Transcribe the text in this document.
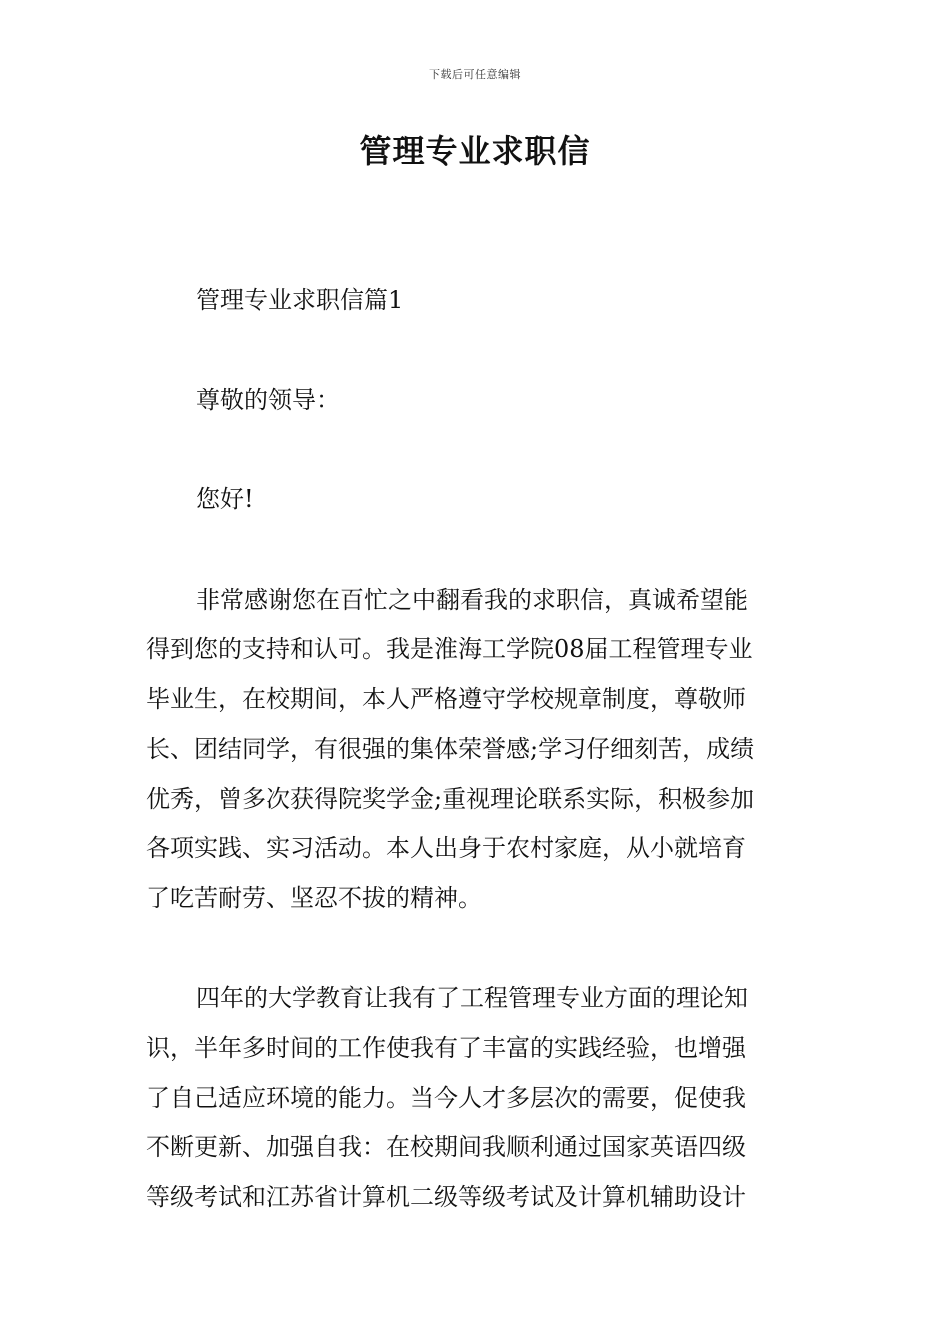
下载后可任意编辑
管理专业求职信
管理专业求职信篇1
尊敬的领导：
您好!
非常感谢您在百忙之中翻看我的求职信，真诚希望能
得到您的支持和认可。我是淮海工学院08届工程管理专业
毕业生，在校期间，本人严格遵守学校规章制度，尊敬师
长、团结同学，有很强的集体荣誉感;学习仔细刻苦，成绩
优秀，曾多次获得院奖学金;重视理论联系实际，积极参加
各项实践、实习活动。本人出身于农村家庭，从小就培育
了吃苦耐劳、坚忍不拔的精神。
四年的大学教育让我有了工程管理专业方面的理论知
识，半年多时间的工作使我有了丰富的实践经验，也增强
了自己适应环境的能力。当今人才多层次的需要，促使我
不断更新、加强自我：在校期间我顺利通过国家英语四级
等级考试和江苏省计算机二级等级考试及计算机辅助设计
